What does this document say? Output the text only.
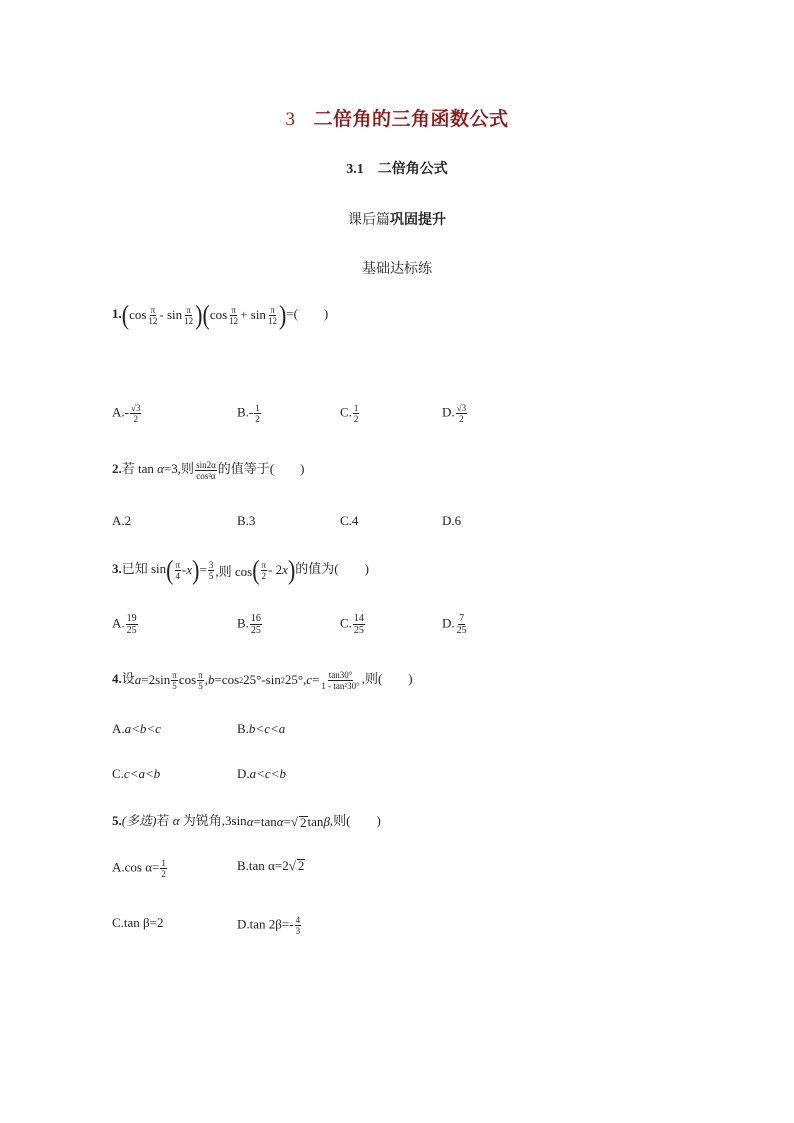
3 二倍角的三角函数公式
3.1 二倍角公式
课后篇巩固提升
基础达标练
1. ( cos π
12 - sin π
12 ) ( cos π
12 + sin π
12 ) =(　　)
$A.- \frac{√3}{2}$	$B.- \frac{1}{2}$	C. $\frac{1}{2}$	D. $\frac{√3}{2}$
2.若 tan α=3,则 $\frac{\sin 2\alpha}{\text{cos²α}}$ 的值等于(　　)
A.2	B.3	C.4	D.6
3.已知 sin ( π
4 - x ) = 3
5 ,则 cos ( π
2 - 2 x ) 的值为(　　)
A. $\frac{19}{25}$	B. $\frac{16}{25}$	C. $\frac{14}{25}$	D. $\frac{7}{25}$
4.设 a =2sin π
5 cos π
5 , b =cos 2 25°-sin 2 25°, $c = \frac{\tan 30^\circ}{\text{1 - tan²30°}}$ ,则(　　)
A.a<b<c	B.b<c<a
C.c<a<b	D.a<c<b
5.(多选)若 α 为锐角,3sin α =tan α = √ 2 tan β ,则(　　)
A.cos $\alpha= \frac{1}{2}$	B.tan α=2√ 2
C.tan β=2	D.tan $2\beta=- \frac{4}{3}$
